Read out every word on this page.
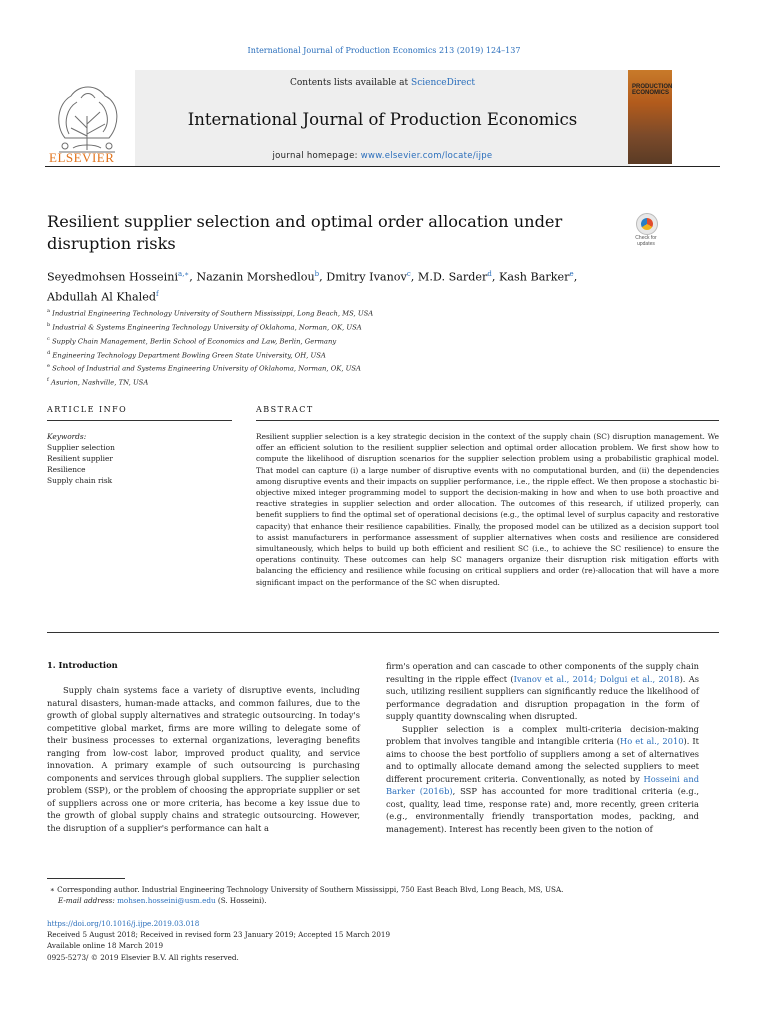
International Journal of Production Economics 213 (2019) 124–137
ELSEVIER
Contents lists available at ScienceDirect
International Journal of Production Economics
journal homepage: www.elsevier.com/locate/ijpe
PRODUCTION ECONOMICS
Resilient supplier selection and optimal order allocation under disruption risks	Check for updates
Seyedmohsen Hosseini$^{a,∗}$, Nazanin Morshedlou$^b$, Dmitry Ivanov$^c$, M.D. Sarder$^d$, Kash Barker$^e$,
Abdullah Al Khaled$^f$
$^a$ Industrial Engineering Technology University of Southern Mississippi, Long Beach, MS, USA
$^b$ Industrial & Systems Engineering Technology University of Oklahoma, Norman, OK, USA
$^c$ Supply Chain Management, Berlin School of Economics and Law, Berlin, Germany
$^d$ Engineering Technology Department Bowling Green State University, OH, USA
$^e$ School of Industrial and Systems Engineering University of Oklahoma, Norman, OK, USA
$^f$ Asurion, Nashville, TN, USA
ARTICLE INFO	ABSTRACT
Keywords:
Supplier selection
Resilient supplier
Resilience
Supply chain risk
Resilient supplier selection is a key strategic decision in the context of the supply chain (SC) disruption management. We offer an efficient solution to the resilient supplier selection and optimal order allocation problem. We first show how to compute the likelihood of disruption scenarios for the supplier selection problem using a probabilistic graphical model. That model can capture (i) a large number of disruptive events with no computational burden, and (ii) the dependencies among disruptive events and their impacts on supplier performance, i.e., the ripple effect. We then propose a stochastic bi-objective mixed integer programming model to support the decision-making in how and when to use both proactive and reactive strategies in supplier selection and order allocation. The outcomes of this research, if utilized properly, can benefit suppliers to find the optimal set of operational decisions (e.g., the optimal level of surplus capacity and restorative capacity) that enhance their resilience capabilities. Finally, the proposed model can be utilized as a decision support tool to assist manufacturers in performance assessment of supplier alternatives when costs and resilience are considered simultaneously, which helps to build up both efficient and resilient SC (i.e., to achieve the SC resilience) to ensure the operations continuity. These outcomes can help SC managers organize their disruption risk mitigation efforts with balancing the efficiency and resilience while focusing on critical suppliers and order (re)-allocation that will have a more significant impact on the performance of the SC when disrupted.
1. Introduction

Supply chain systems face a variety of disruptive events, including natural disasters, human-made attacks, and common failures, due to the growth of global supply alternatives and strategic outsourcing. In today's competitive global market, firms are more willing to delegate some of their business processes to external organizations, leveraging benefits ranging from low-cost labor, improved product quality, and service innovation. A primary example of such outsourcing is purchasing components and services through global suppliers. The supplier selection problem (SSP), or the problem of choosing the appropriate supplier or set of suppliers across one or more criteria, has become a key issue due to the growth of global supply chains and strategic outsourcing. However, the disruption of a supplier's performance can halt a

firm's operation and can cascade to other components of the supply chain resulting in the ripple effect (Ivanov et al., 2014; Dolgui et al., 2018). As such, utilizing resilient suppliers can significantly reduce the likelihood of performance degradation and disruption propagation in the form of supply quantity downscaling when disrupted.

Supplier selection is a complex multi-criteria decision-making problem that involves tangible and intangible criteria (Ho et al., 2010). It aims to choose the best portfolio of suppliers among a set of alternatives and to optimally allocate demand among the selected suppliers to meet different procurement criteria. Conventionally, as noted by Hosseini and Barker (2016b), SSP has accounted for more traditional criteria (e.g., cost, quality, lead time, response rate) and, more recently, green criteria (e.g., environmentally friendly transportation modes, packing, and management). Interest has recently been given to the notion of

∗ Corresponding author. Industrial Engineering Technology University of Southern Mississippi, 750 East Beach Blvd, Long Beach, MS, USA.
E-mail address: mohsen.hosseini@usm.edu (S. Hosseini).
https://doi.org/10.1016/j.ijpe.2019.03.018
Received 5 August 2018; Received in revised form 23 January 2019; Accepted 15 March 2019
Available online 18 March 2019
0925-5273/ © 2019 Elsevier B.V. All rights reserved.
